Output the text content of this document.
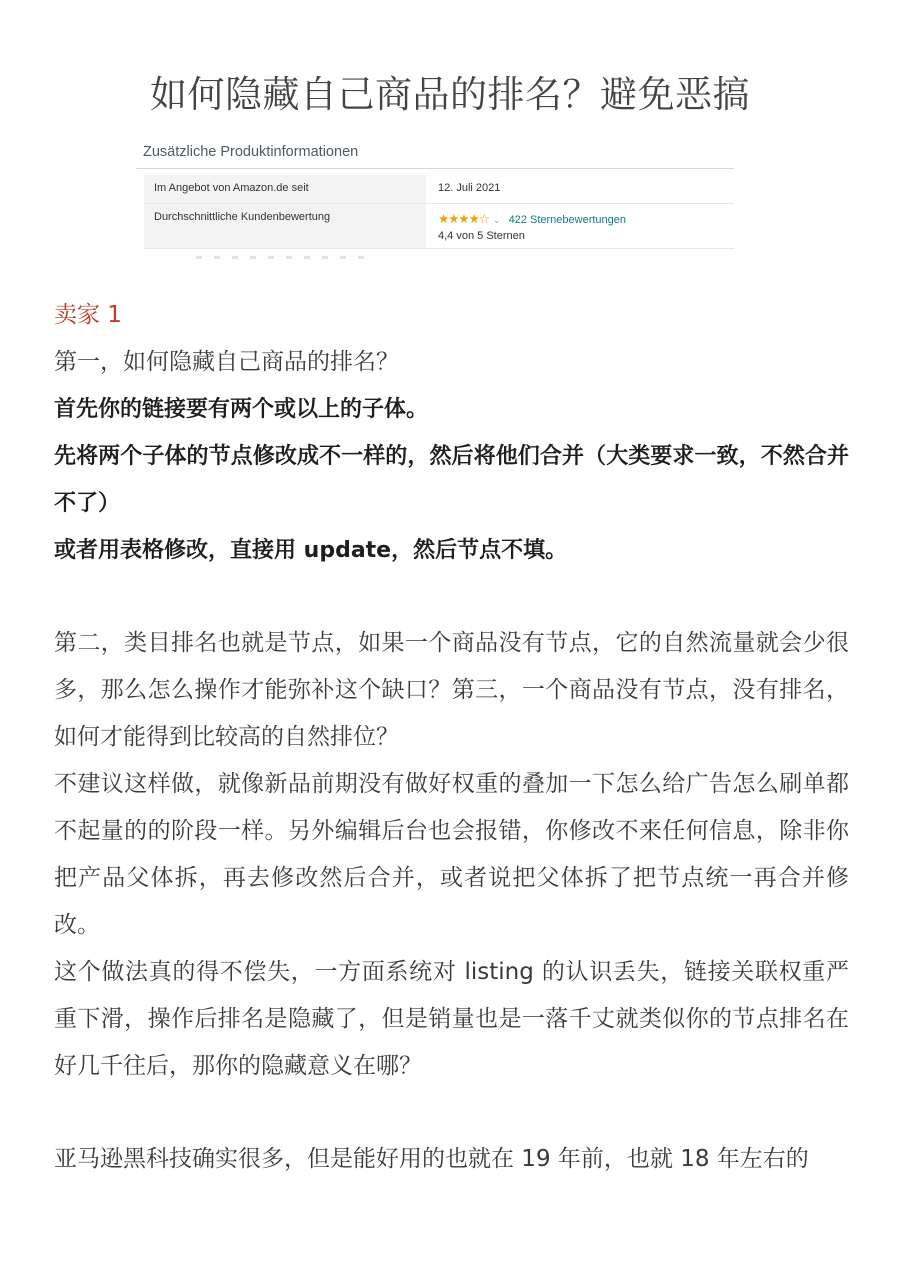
如何隐藏自己商品的排名？避免恶搞
Zusätzliche Produktinformationen
Im Angebot von Amazon.de seit	12. Juli 2021
Durchschnittliche Kundenbewertung	★★★★☆ ⌄ 422 Sternebewertungen
4,4 von 5 Sternen

卖家 1

第一，如何隐藏自己商品的排名？

首先你的链接要有两个或以上的子体。

先将两个子体的节点修改成不一样的，然后将他们合并（大类要求一致，不然合并不了）

或者用表格修改，直接用 update，然后节点不填。

第二，类目排名也就是节点，如果一个商品没有节点，它的自然流量就会少很多，那么怎么操作才能弥补这个缺口？第三，一个商品没有节点，没有排名，如何才能得到比较高的自然排位？

不建议这样做，就像新品前期没有做好权重的叠加一下怎么给广告怎么刷单都不起量的的阶段一样。另外编辑后台也会报错，你修改不来任何信息，除非你把产品父体拆，再去修改然后合并，或者说把父体拆了把节点统一再合并修改。

这个做法真的得不偿失，一方面系统对 listing 的认识丢失，链接关联权重严重下滑，操作后排名是隐藏了，但是销量也是一落千丈就类似你的节点排名在好几千往后，那你的隐藏意义在哪？

亚马逊黑科技确实很多，但是能好用的也就在 19 年前，也就 18 年左右的
